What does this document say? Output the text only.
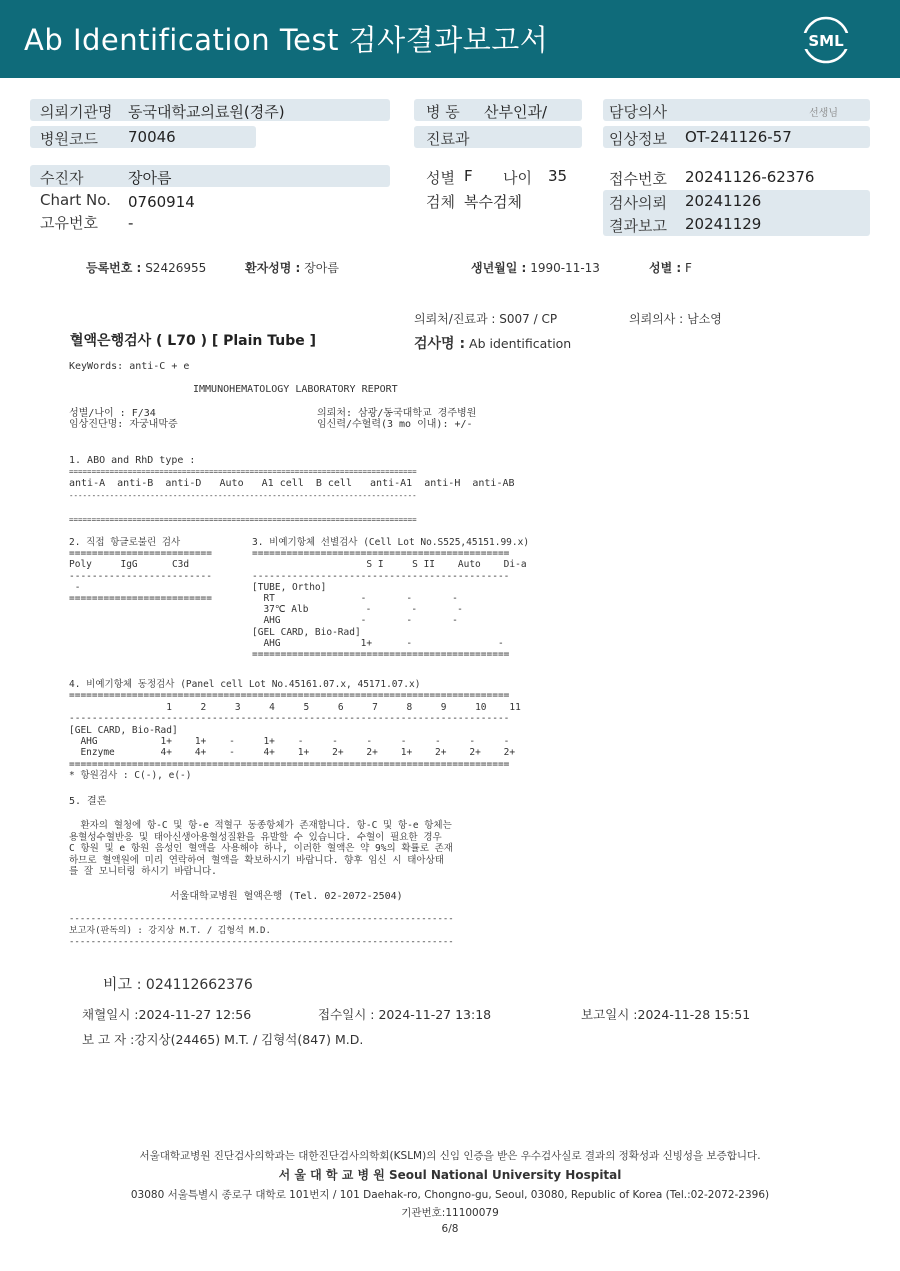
Ab Identification Test 검사결과보고서	SML
의뢰기관명 동국대학교의료원(경주)
병원코드 70046
수진자	장아름
Chart No. 0760914
고유번호 -
병 동 산부인과/
진료과
성별 F 나이 35
검체 복수검체
담당의사	선생님
임상정보 OT-241126-57
접수번호 20241126-62376
검사의뢰 20241126
결과보고 20241129
등록번호 : S2426955	환자성명 : 장아름	생년월일 : 1990-11-13	성별 : F
의뢰처/진료과 : S007 / CP	의뢰의사 : 남소영
혈액은행검사 ( L70 ) [ Plain Tube ]	검사명 : Ab identification
KeyWords: anti-C + e
IMMUNOHEMATOLOGY LABORATORY REPORT
성별/나이 : F/34
임상진단명: 자궁내막증
의뢰처: 삼광/동국대학교 경주병원
임신력/수혈력(3 mo 이내): +/-
1. ABO and RhD type :
=============================================================================
anti-A  anti-B  anti-D   Auto   A1 cell  B cell   anti-A1  anti-H  anti-AB
-----------------------------------------------------------------------------
=============================================================================
2. 직접 항글로불린 검사
=========================
Poly     IgG      C3d
-------------------------
-
=========================
3. 비예기항체 선별검사 (Cell Lot No.S525,45151.99.x)
=============================================
S I     S II    Auto    Di-a
---------------------------------------------
[TUBE, Ortho]
RT               -       -       -
37℃ Alb          -       -       -
AHG              -       -       -
[GEL CARD, Bio-Rad]
AHG              1+      -               -
=============================================
4. 비예기항체 동정검사 (Panel cell Lot No.45161.07.x, 45171.07.x)
=============================================================================
1     2     3     4     5     6     7     8     9     10    11
-----------------------------------------------------------------------------
[GEL CARD, Bio-Rad]
AHG           1+    1+    -     1+    -     -     -     -     -     -     -
Enzyme        4+    4+    -     4+    1+    2+    2+    1+    2+    2+    2+
=============================================================================
* 항원검사 : C(-), e(-)
5. 결론
환자의 혈청에 항-C 및 항-e 적혈구 동종항체가 존재합니다. 항-C 및 항-e 항체는
용혈성수혈반응 및 태아신생아용혈성질환을 유발할 수 있습니다. 수혈이 필요한 경우
C 항원 및 e 항원 음성인 혈액을 사용해야 하나, 이러한 혈액은 약 9%의 확률로 존재
하므로 혈액원에 미리 연락하여 혈액을 확보하시기 바랍니다. 향후 임신 시 태아상태
를 잘 모니터링 하시기 바랍니다.
서울대학교병원 혈액은행 (Tel. 02-2072-2504)
-----------------------------------------------------------------------
보고자(판독의) : 강지상 M.T. / 김형석 M.D.
-----------------------------------------------------------------------
비고 : 024112662376
채혈일시 :2024-11-27 12:56	접수일시 : 2024-11-27 13:18	보고일시 :2024-11-28 15:51
보 고 자 :강지상(24465) M.T. / 김형석(847) M.D.
서울대학교병원 진단검사의학과는 대한진단검사의학회(KSLM)의 신임 인증을 받은 우수검사실로 결과의 정확성과 신빙성을 보증합니다.
서 울 대 학 교 병 원 Seoul National University Hospital
03080 서울특별시 종로구 대학로 101번지 / 101 Daehak-ro, Chongno-gu, Seoul, 03080, Republic of Korea (Tel.:02-2072-2396)
기관번호:11100079
6/8
